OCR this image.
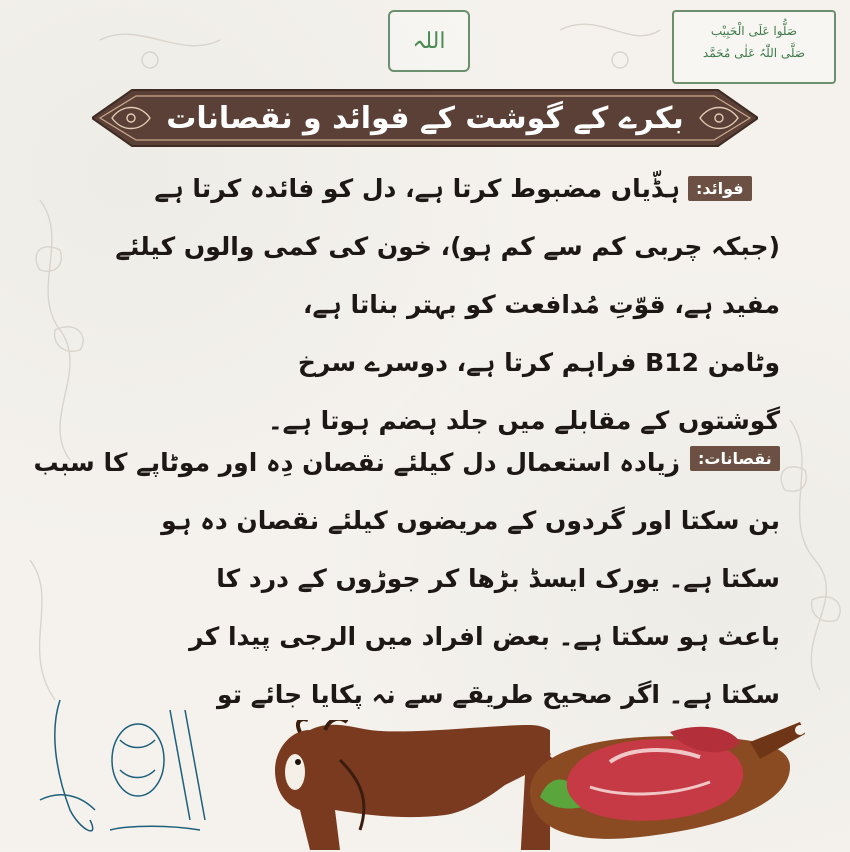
اللہ	صَلُّوا عَلَی الْحَبِیْب
صَلَّی اللّٰہُ عَلٰی مُحَمَّد
بکرے کے گوشت کے فوائد و نقصانات
فوائد:
ہڈّیاں مضبوط کرتا ہے، دل کو فائدہ کرتا ہے
(جبکہ چربی کم سے کم ہو)، خون کی کمی والوں کیلئے
مفید ہے، قوّتِ مُدافعت کو بہتر بناتا ہے،
وٹامن B12 فراہم کرتا ہے، دوسرے سرخ
گوشتوں کے مقابلے میں جلد ہضم ہوتا ہے۔
نقصانات:
زیادہ استعمال دل کیلئے نقصان دِہ اور موٹاپے کا سبب
بن سکتا اور گردوں کے مریضوں کیلئے نقصان دہ ہو
سکتا ہے۔ یورک ایسڈ بڑھا کر جوڑوں کے درد کا
باعث ہو سکتا ہے۔ بعض افراد میں الرجی پیدا کر
سکتا ہے۔ اگر صحیح طریقے سے نہ پکایا جائے تو
